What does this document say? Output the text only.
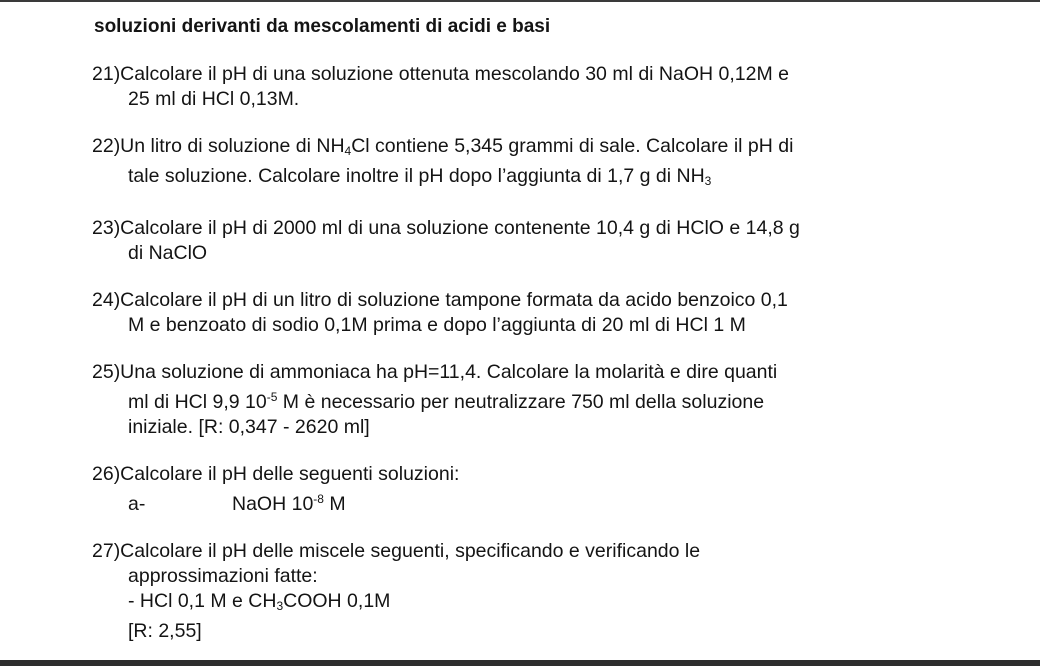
soluzioni derivanti da mescolamenti di acidi e basi
21)Calcolare il pH di una soluzione ottenuta mescolando 30 ml di NaOH 0,12M e
25 ml di HCl 0,13M.
22)Un litro di soluzione di $NH_4Cl$ contiene 5,345 grammi di sale. Calcolare il pH di
tale soluzione. Calcolare inoltre il pH dopo l’aggiunta di 1,7 g di $NH_3$
23)Calcolare il pH di 2000 ml di una soluzione contenente 10,4 g di HClO e 14,8 g
di NaClO
24)Calcolare il pH di un litro di soluzione tampone formata da acido benzoico 0,1
M e benzoato di sodio 0,1M prima e dopo l’aggiunta di 20 ml di HCl 1 M
25)Una soluzione di ammoniaca ha pH=11,4. Calcolare la molarità e dire quanti
ml di HCl 9,9 $10^{-5}$ M è necessario per neutralizzare 750 ml della soluzione
iniziale. [R: 0,347 - 2620 ml]
26)Calcolare il pH delle seguenti soluzioni:
a-	NaOH $10^{-8}$ M
27)Calcolare il pH delle miscele seguenti, specificando e verificando le
approssimazioni fatte:
- HCl 0,1 M e $CH_3COOH$ 0,1M
[R: 2,55]
